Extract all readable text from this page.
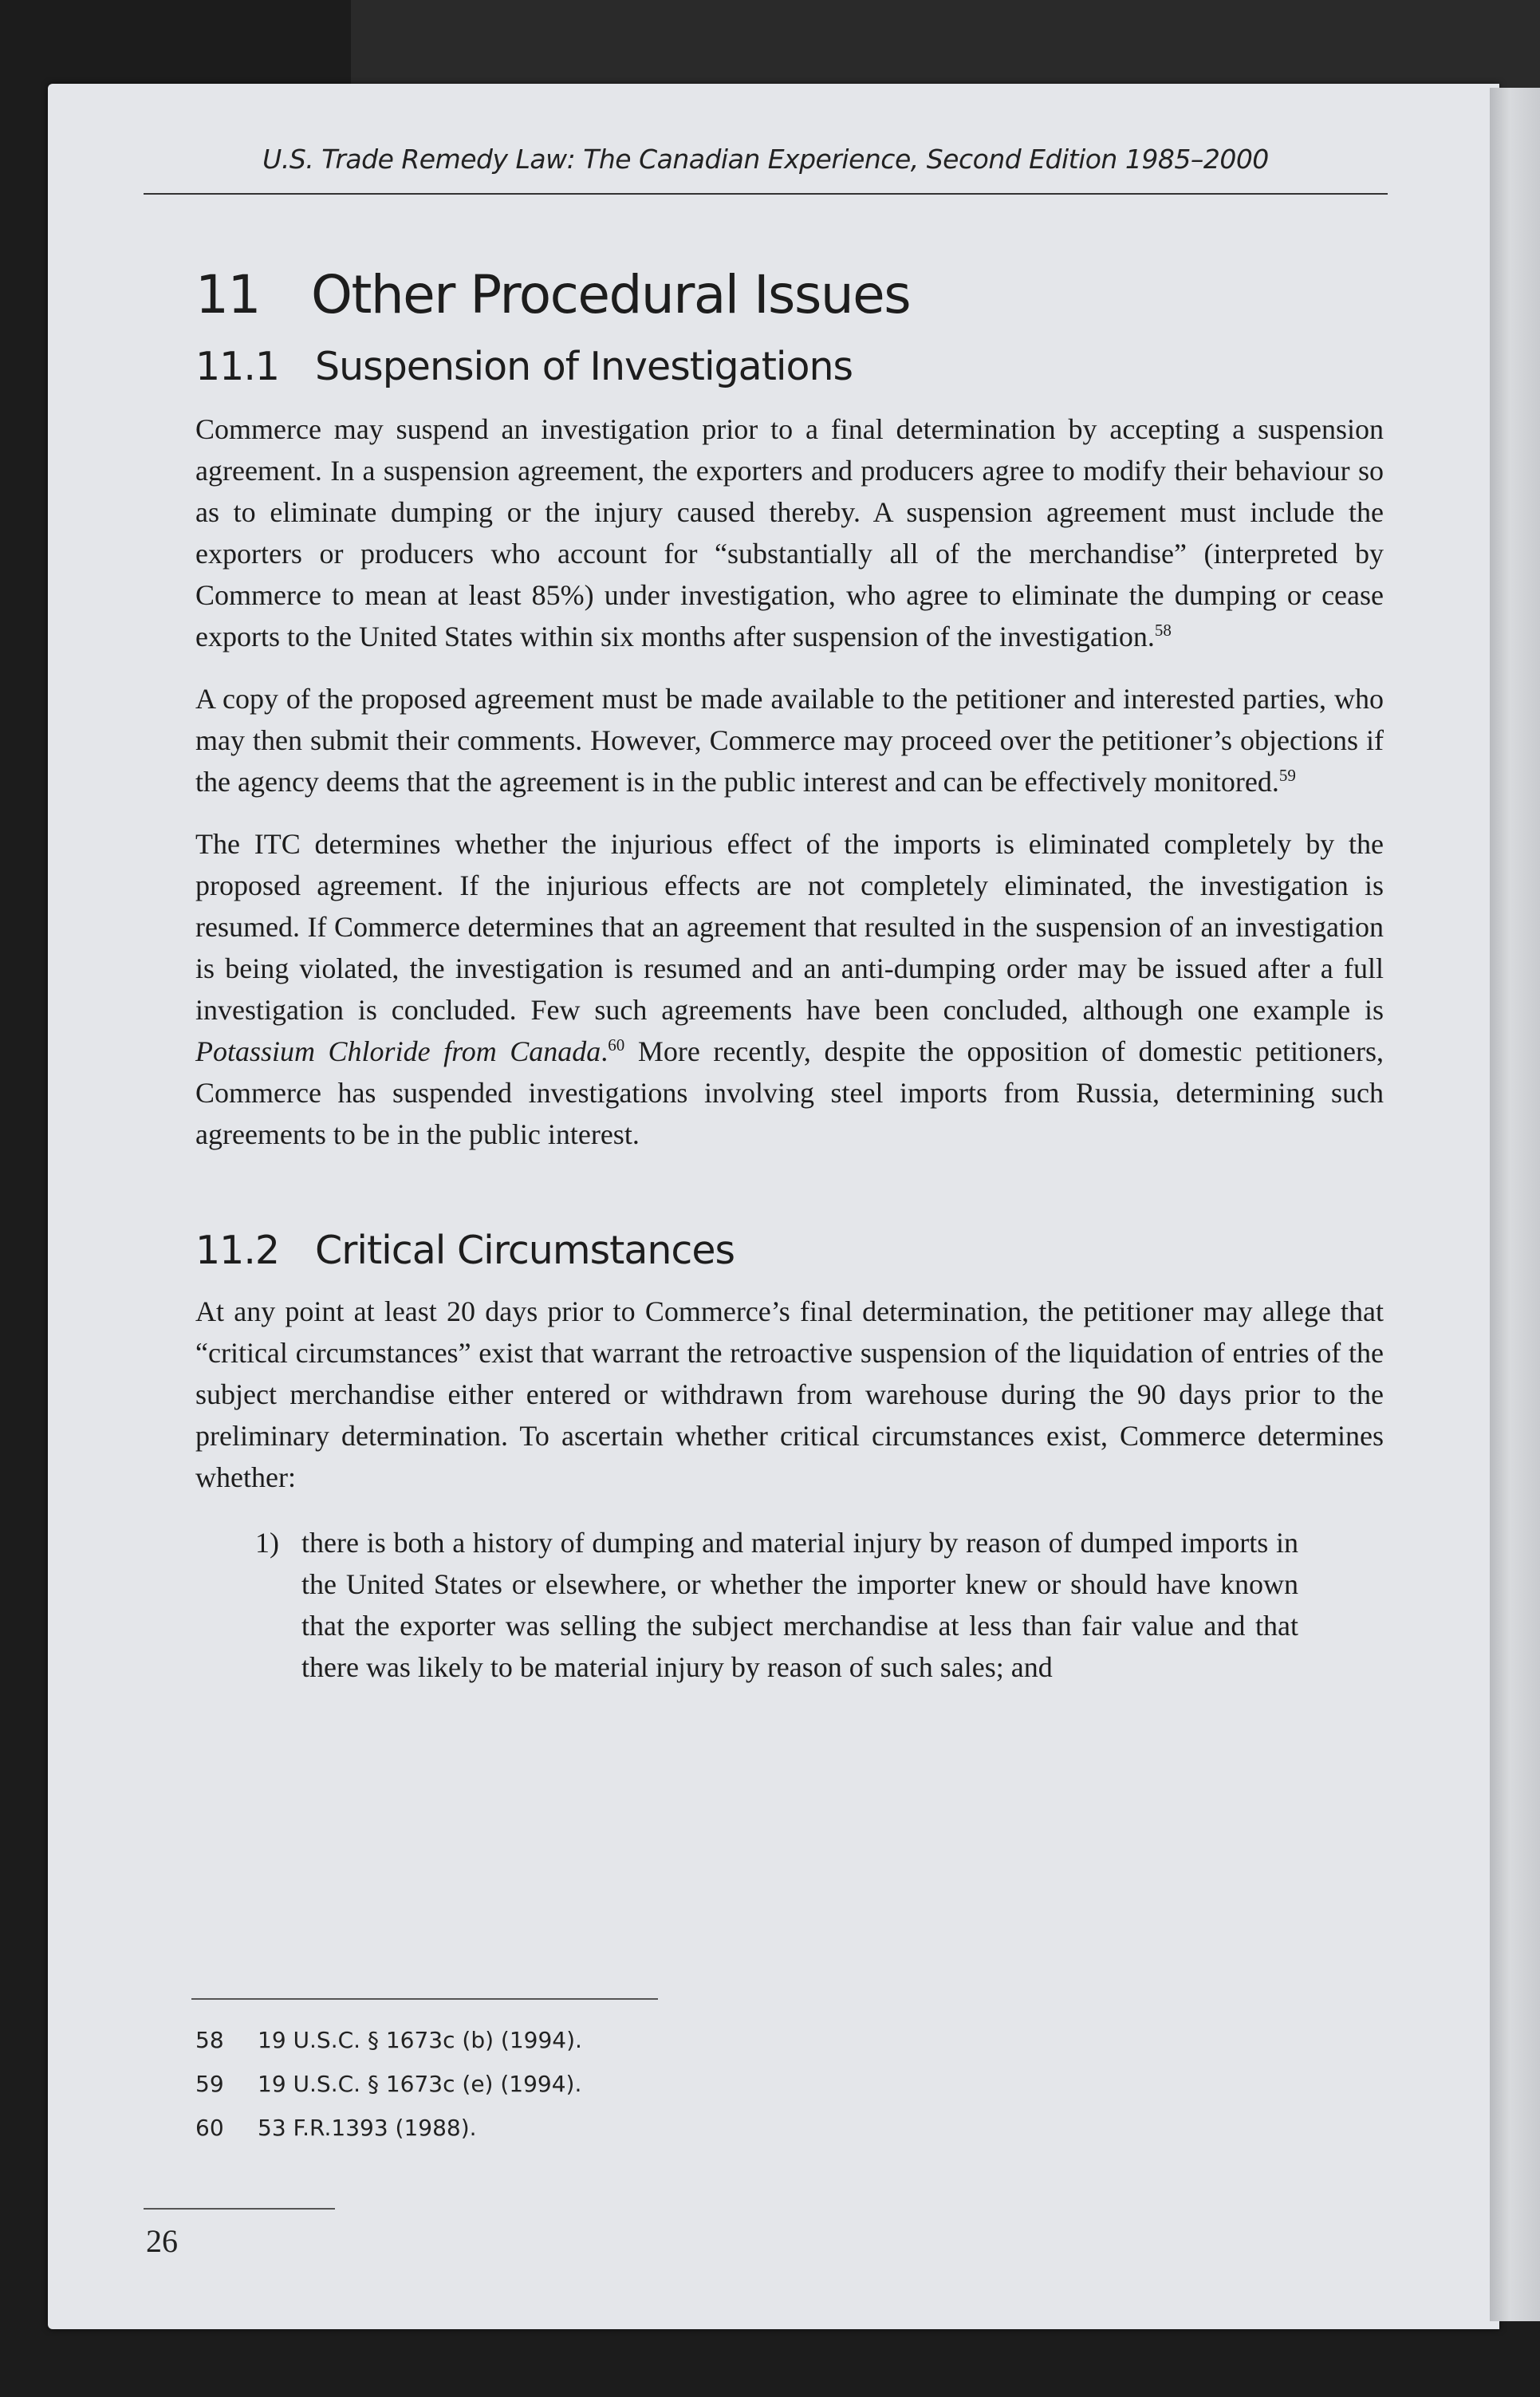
U.S. Trade Remedy Law: The Canadian Experience, Second Edition 1985–2000
11 Other Procedural Issues
11.1 Suspension of Investigations

Commerce may suspend an investigation prior to a final determination by accepting a suspension agreement. In a suspension agreement, the exporters and producers agree to modify their behaviour so as to eliminate dumping or the injury caused thereby. A suspension agreement must include the exporters or producers who account for “substantially all of the merchandise” (interpreted by Commerce to mean at least 85%) under investigation, who agree to eliminate the dumping or cease exports to the United States within six months after suspension of the investigation.$^{58}$

A copy of the proposed agreement must be made available to the petitioner and interested parties, who may then submit their comments. However, Commerce may proceed over the petitioner’s objections if the agency deems that the agreement is in the public interest and can be effectively monitored.$^{59}$

The ITC determines whether the injurious effect of the imports is eliminated completely by the proposed agreement. If the injurious effects are not completely eliminated, the investigation is resumed. If Commerce determines that an agreement that resulted in the suspension of an investigation is being violated, the investigation is resumed and an anti-dumping order may be issued after a full investigation is concluded. Few such agreements have been concluded, although one example is Potassium Chloride from Canada.$^{60}$ More recently, despite the opposition of domestic petitioners, Commerce has suspended investigations involving steel imports from Russia, determining such agreements to be in the public interest.

11.2 Critical Circumstances

At any point at least 20 days prior to Commerce’s final determination, the petitioner may allege that “critical circumstances” exist that warrant the retroactive suspension of the liquidation of entries of the subject merchandise either entered or withdrawn from warehouse during the 90 days prior to the preliminary determination. To ascertain whether critical circumstances exist, Commerce determines whether:

1) there is both a history of dumping and material injury by reason of dumped imports in the United States or elsewhere, or whether the importer knew or should have known that the exporter was selling the subject merchandise at less than fair value and that there was likely to be material injury by reason of such sales; and
58 19 U.S.C. § 1673c (b) (1994).
59 19 U.S.C. § 1673c (e) (1994).
60 53 F.R.1393 (1988).
26
